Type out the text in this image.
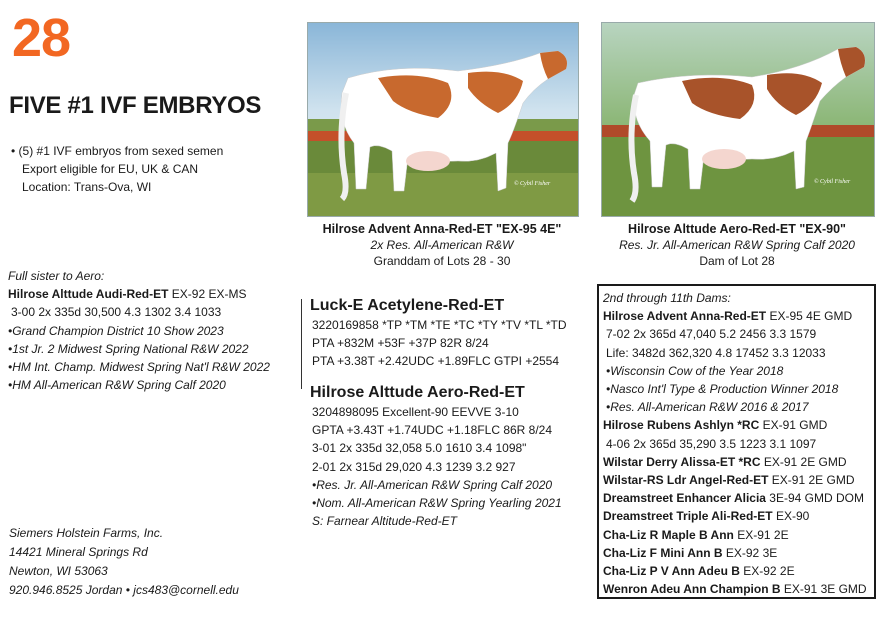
28
FIVE #1 IVF EMBRYOS
• (5) #1 IVF embryos from sexed semen
Export eligible for EU, UK & CAN
Location: Trans-Ova, WI
Full sister to Aero:
Hilrose Alttude Audi-Red-ET EX-92 EX-MS
3-00 2x 335d 30,500 4.3 1302 3.4 1033
•Grand Champion District 10 Show 2023
•1st Jr. 2 Midwest Spring National R&W 2022
•HM Int. Champ. Midwest Spring Nat'l R&W 2022
•HM All-American R&W Spring Calf 2020
Siemers Holstein Farms, Inc.
14421 Mineral Springs Rd
Newton, WI 53063
920.946.8525 Jordan • jcs483@cornell.edu
© Cybil Fisher	© Cybil Fisher
Hilrose Advent Anna-Red-ET "EX-95 4E"
2x Res. All-American R&W
Granddam of Lots 28 - 30
Hilrose Alttude Aero-Red-ET "EX-90"
Res. Jr. All-American R&W Spring Calf 2020
Dam of Lot 28
Luck-E Acetylene-Red-ET
3220169858 *TP *TM *TE *TC *TY *TV *TL *TD
PTA +832M +53F +37P 82R 8/24
PTA +3.38T +2.42UDC +1.89FLC GTPI +2554
Hilrose Alttude Aero-Red-ET
3204898095 Excellent-90 EEVVE 3-10
GPTA +3.43T +1.74UDC +1.18FLC 86R 8/24
3-01 2x 335d 32,058 5.0 1610 3.4 1098"
2-01 2x 315d 29,020 4.3 1239 3.2 927
•Res. Jr. All-American R&W Spring Calf 2020
•Nom. All-American R&W Spring Yearling 2021
S: Farnear Altitude-Red-ET
2nd through 11th Dams:
Hilrose Advent Anna-Red-ET EX-95 4E GMD
7-02 2x 365d 47,040 5.2 2456 3.3 1579
Life: 3482d 362,320 4.8 17452 3.3 12033
•Wisconsin Cow of the Year 2018
•Nasco Int'l Type & Production Winner 2018
•Res. All-American R&W 2016 & 2017
Hilrose Rubens Ashlyn *RC EX-91 GMD
4-06 2x 365d 35,290 3.5 1223 3.1 1097
Wilstar Derry Alissa-ET *RC EX-91 2E GMD
Wilstar-RS Ldr Angel-Red-ET EX-91 2E GMD
Dreamstreet Enhancer Alicia 3E-94 GMD DOM
Dreamstreet Triple Ali-Red-ET EX-90
Cha-Liz R Maple B Ann EX-91 2E
Cha-Liz F Mini Ann B EX-92 3E
Cha-Liz P V Ann Adeu B EX-92 2E
Wenron Adeu Ann Champion B EX-91 3E GMD
